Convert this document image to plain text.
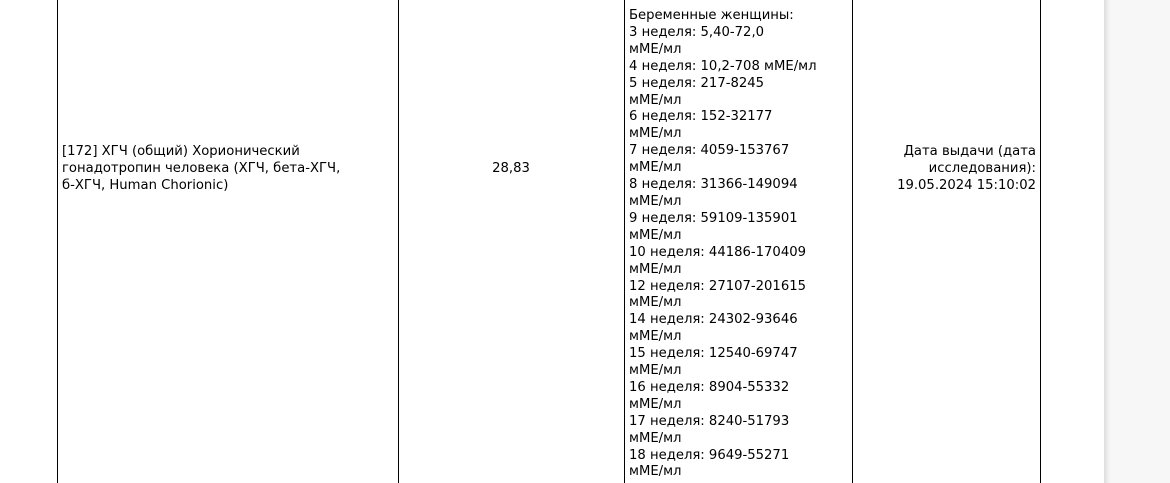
[172] ХГЧ (общий) Хорионический
гонадотропин человека (ХГЧ, бета-ХГЧ,
б-ХГЧ, Human Chorionic)
28,83
Беременные женщины:
3 неделя: 5,40-72,0
мМЕ/мл
4 неделя: 10,2-708 мМЕ/мл
5 неделя: 217-8245
мМЕ/мл
6 неделя: 152-32177
мМЕ/мл
7 неделя: 4059-153767
мМЕ/мл
8 неделя: 31366-149094
мМЕ/мл
9 неделя: 59109-135901
мМЕ/мл
10 неделя: 44186-170409
мМЕ/мл
12 неделя: 27107-201615
мМЕ/мл
14 неделя: 24302-93646
мМЕ/мл
15 неделя: 12540-69747
мМЕ/мл
16 неделя: 8904-55332
мМЕ/мл
17 неделя: 8240-51793
мМЕ/мл
18 неделя: 9649-55271
мМЕ/мл
Дата выдачи (дата
исследования):
19.05.2024 15:10:02
